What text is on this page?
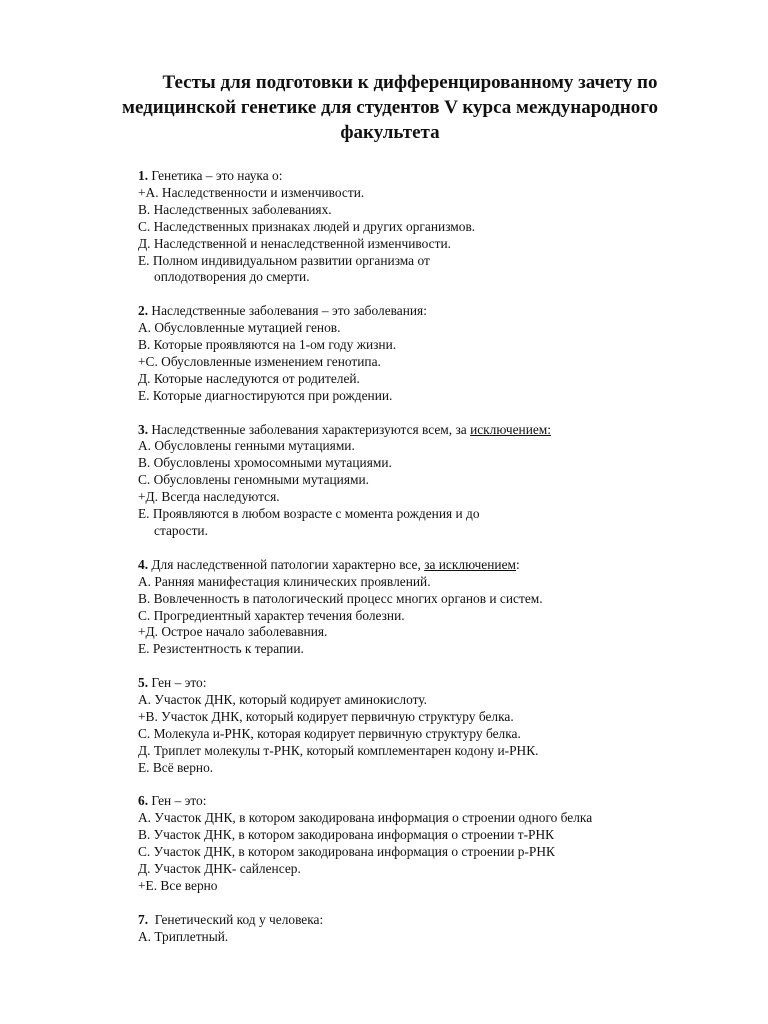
Тесты для подготовки к дифференцированному зачету по медицинской генетике для студентов V курса международного факультета
1. Генетика – это наука о:
+А. Наследственности и изменчивости.
В. Наследственных заболеваниях.
С. Наследственных признаках людей и других организмов.
Д. Наследственной и ненаследственной изменчивости.
Е. Полном индивидуальном развитии организма от
оплодотворения до смерти.
2. Наследственные заболевания – это заболевания:
А. Обусловленные мутацией генов.
В. Которые проявляются на 1-ом году жизни.
+С. Обусловленные изменением генотипа.
Д. Которые наследуются от родителей.
Е. Которые диагностируются при рождении.
3. Наследственные заболевания характеризуются всем, за исключением:
А. Обусловлены генными мутациями.
В. Обусловлены хромосомными мутациями.
С. Обусловлены геномными мутациями.
+Д. Всегда наследуются.
Е. Проявляются в любом возрасте с момента рождения и до
старости.
4. Для наследственной патологии характерно все, за исключением:
А. Ранняя манифестация клинических проявлений.
В. Вовлеченность в патологический процесс многих органов и систем.
С. Прогредиентный характер течения болезни.
+Д. Острое начало заболевавния.
Е. Резистентность к терапии.
5. Ген – это:
А. Участок ДНК, который кодирует аминокислоту.
+В. Участок ДНК, который кодирует первичную структуру белка.
С. Молекула и-РНК, которая кодирует первичную структуру белка.
Д. Триплет молекулы т-РНК, который комплементарен кодону и-РНК.
Е. Всё верно.
6. Ген – это:
А. Участок ДНК, в котором закодирована информация о строении одного белка
В. Участок ДНК, в котором закодирована информация о строении т-РНК
С. Участок ДНК, в котором закодирована информация о строении р-РНК
Д. Участок ДНК- сайленсер.
+Е. Все верно
7.  Генетический код у человека:
А. Триплетный.
